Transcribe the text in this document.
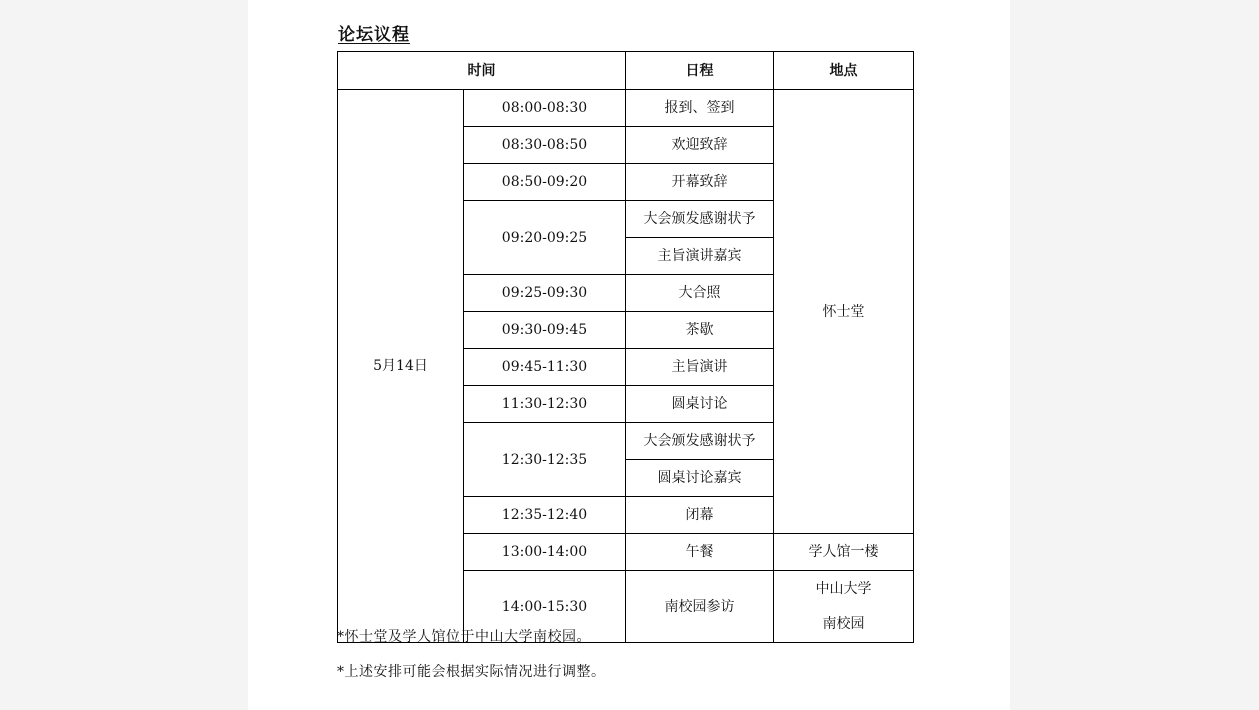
论坛议程
时间		日程	地点
5月14日	08:00-08:30	报到、签到	怀士堂
	08:30-08:50	欢迎致辞	
	08:50-09:20	开幕致辞	
	09:20-09:25	大会颁发感谢状予	
		主旨演讲嘉宾	
	09:25-09:30	大合照	
	09:30-09:45	茶歇	
	09:45-11:30	主旨演讲	
	11:30-12:30	圆桌讨论	
	12:30-12:35	大会颁发感谢状予	
		圆桌讨论嘉宾	
	12:35-12:40	闭幕	
	13:00-14:00	午餐	学人馆一楼
	14:00-15:30	南校园参访	中山大学
南校园
*怀士堂及学人馆位于中山大学南校园。
*上述安排可能会根据实际情况进行调整。
